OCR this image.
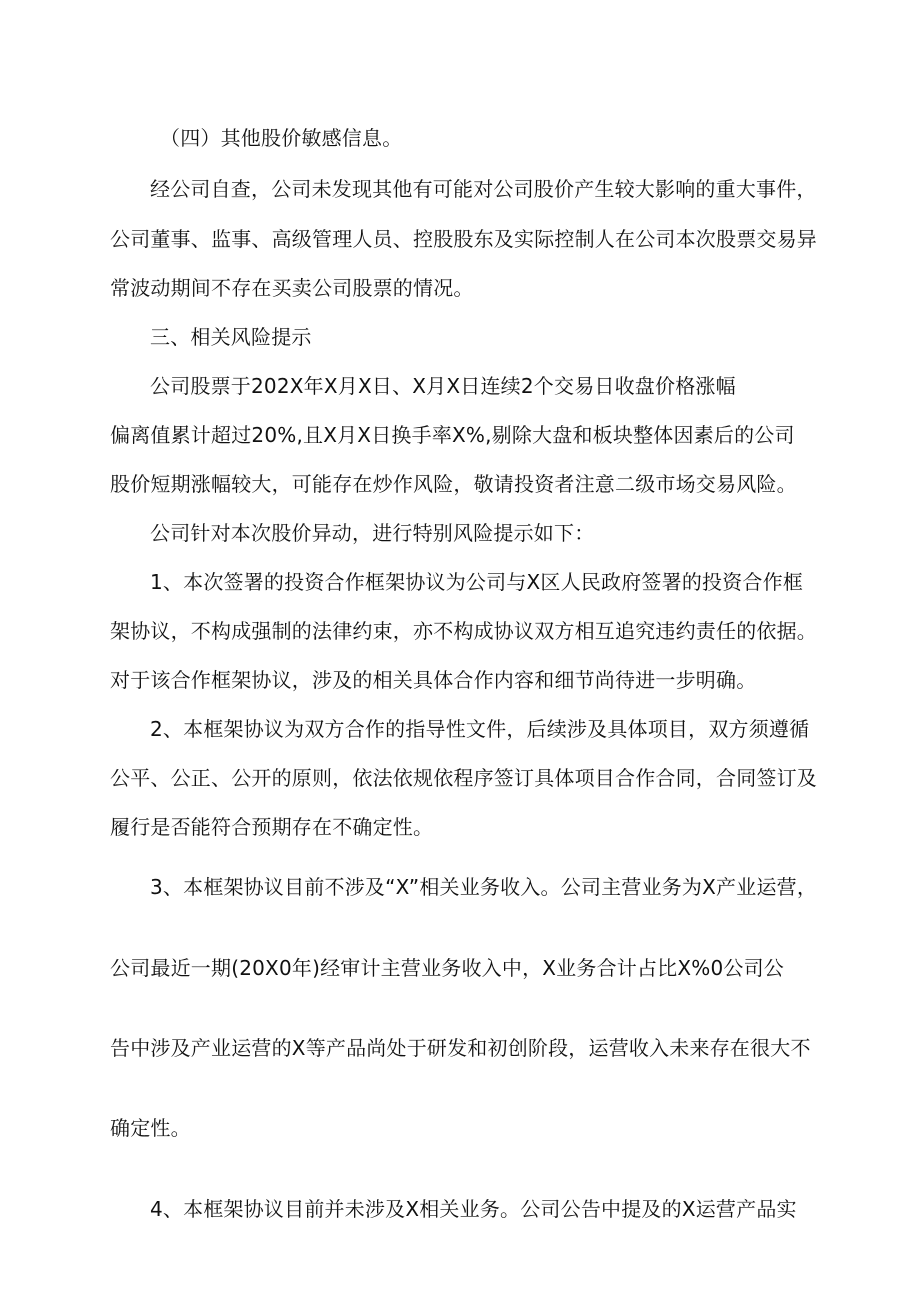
（四）其他股价敏感信息。
经公司自查，公司未发现其他有可能对公司股价产生较大影响的重大事件，
公司董事、监事、高级管理人员、控股股东及实际控制人在公司本次股票交易异
常波动期间不存在买卖公司股票的情况。
三、相关风险提示
公司股票于202X年X月X日、X月X日连续2个交易日收盘价格涨幅
偏离值累计超过20%,且X月X日换手率X%,剔除大盘和板块整体因素后的公司
股价短期涨幅较大，可能存在炒作风险，敬请投资者注意二级市场交易风险。
公司针对本次股价异动，进行特别风险提示如下：
1、本次签署的投资合作框架协议为公司与X区人民政府签署的投资合作框
架协议，不构成强制的法律约束，亦不构成协议双方相互追究违约责任的依据。
对于该合作框架协议，涉及的相关具体合作内容和细节尚待进一步明确。
2、本框架协议为双方合作的指导性文件，后续涉及具体项目，双方须遵循
公平、公正、公开的原则，依法依规依程序签订具体项目合作合同，合同签订及
履行是否能符合预期存在不确定性。
3、本框架协议目前不涉及“X”相关业务收入。公司主营业务为X产业运营，
公司最近一期(20X0年)经审计主营业务收入中，X业务合计占比X%0公司公
告中涉及产业运营的X等产品尚处于研发和初创阶段，运营收入未来存在很大不
确定性。
4、本框架协议目前并未涉及X相关业务。公司公告中提及的X运营产品实
